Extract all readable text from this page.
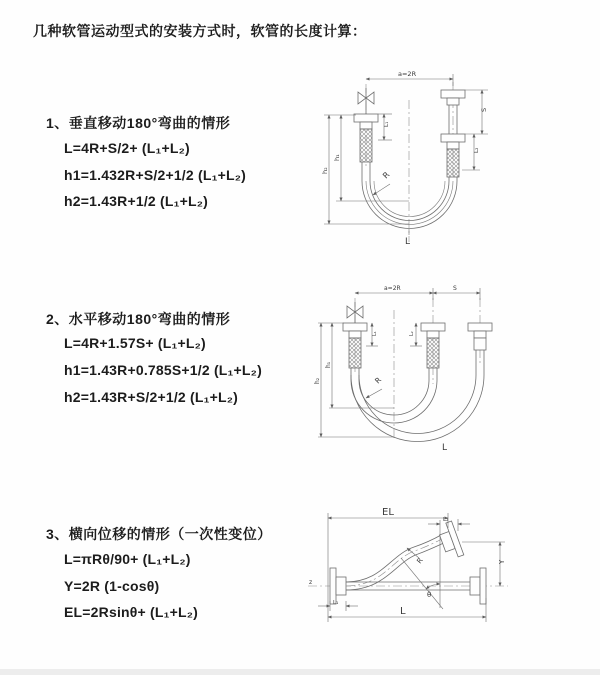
几种软管运动型式的安装方式时，软管的长度计算：
1、垂直移动180°弯曲的情形
L=4R+S/2+ (L₁+L₂)
h1=1.432R+S/2+1/2 (L₁+L₂)
h2=1.43R+1/2 (L₁+L₂)
2、水平移动180°弯曲的情形
L=4R+1.57S+ (L₁+L₂)
h1=1.43R+0.785S+1/2 (L₁+L₂)
h2=1.43R+S/2+1/2 (L₁+L₂)
3、横向位移的情形（一次性变位）
L=πRθ/90+ (L₁+L₂)
Y=2R (1-cosθ)
EL=2Rsinθ+ (L₁+L₂)
a=2R
h₁
h₂
L₁
S
L₂
R
L
a=2R	S
h₁
h₂
L₁	L₂
R
L
z
EL
L₂
Y
θ
R
L
L₁
